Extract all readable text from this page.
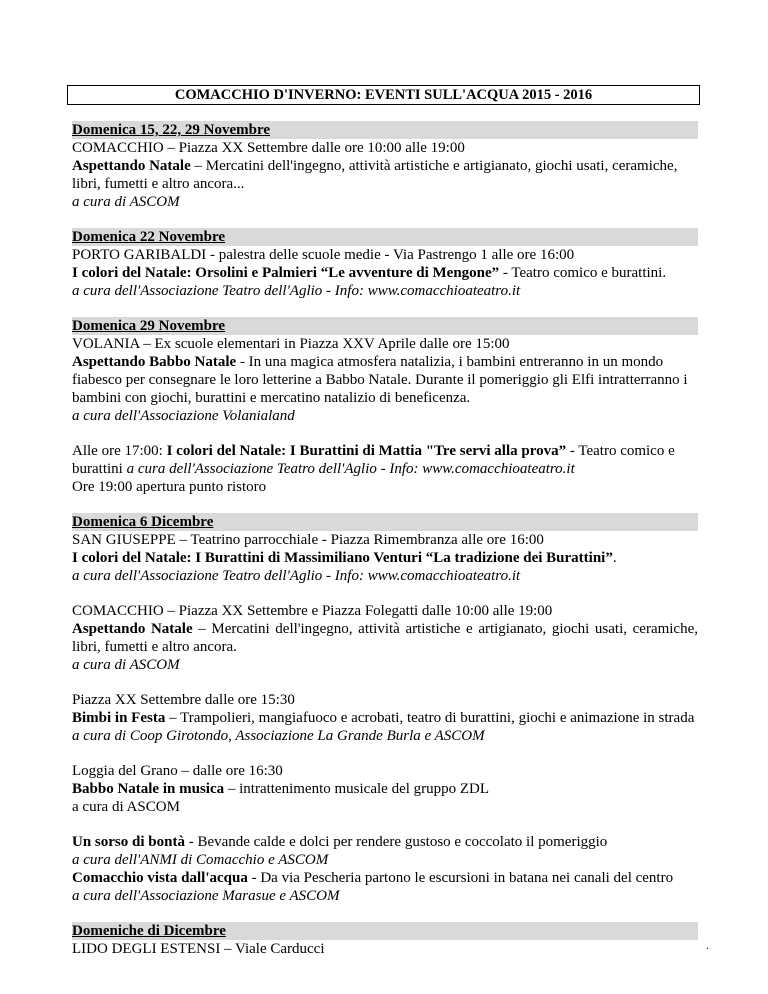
COMACCHIO D'INVERNO: EVENTI SULL'ACQUA 2015 - 2016
Domenica 15, 22, 29 Novembre
COMACCHIO – Piazza XX Settembre dalle ore 10:00 alle 19:00
Aspettando Natale – Mercatini dell'ingegno, attività artistiche e artigianato, giochi usati, ceramiche, libri, fumetti e altro ancora...
a cura di ASCOM
Domenica 22 Novembre
PORTO GARIBALDI - palestra delle scuole medie - Via Pastrengo 1 alle ore 16:00
I colori del Natale: Orsolini e Palmieri “Le avventure di Mengone” - Teatro comico e burattini.
a cura dell'Associazione Teatro dell'Aglio - Info: www.comacchioateatro.it
Domenica 29 Novembre
VOLANIA – Ex scuole elementari in Piazza XXV Aprile dalle ore 15:00
Aspettando Babbo Natale - In una magica atmosfera natalizia, i bambini entreranno in un mondo fiabesco per consegnare le loro letterine a Babbo Natale. Durante il pomeriggio gli Elfi intratterranno i bambini con giochi, burattini e mercatino natalizio di beneficenza.
a cura dell'Associazione Volanialand
Alle ore 17:00: I colori del Natale: I Burattini di Mattia "Tre servi alla prova” - Teatro comico e burattini a cura dell'Associazione Teatro dell'Aglio - Info: www.comacchioateatro.it
Ore 19:00 apertura punto ristoro
Domenica 6 Dicembre
SAN GIUSEPPE – Teatrino parrocchiale - Piazza Rimembranza alle ore 16:00
I colori del Natale: I Burattini di Massimiliano Venturi “La tradizione dei Burattini”.
a cura dell'Associazione Teatro dell'Aglio - Info: www.comacchioateatro.it
COMACCHIO – Piazza XX Settembre e Piazza Folegatti dalle 10:00 alle 19:00
Aspettando Natale – Mercatini dell'ingegno, attività artistiche e artigianato, giochi usati, ceramiche, libri, fumetti e altro ancora.
a cura di ASCOM
Piazza XX Settembre dalle ore 15:30
Bimbi in Festa – Trampolieri, mangiafuoco e acrobati, teatro di burattini, giochi e animazione in strada
a cura di Coop Girotondo, Associazione La Grande Burla e ASCOM
Loggia del Grano – dalle ore 16:30
Babbo Natale in musica – intrattenimento musicale del gruppo ZDL
a cura di ASCOM
Un sorso di bontà - Bevande calde e dolci per rendere gustoso e coccolato il pomeriggio
a cura dell'ANMI di Comacchio e ASCOM
Comacchio vista dall'acqua - Da via Pescheria partono le escursioni in batana nei canali del centro
a cura dell'Associazione Marasue e ASCOM
Domeniche di Dicembre
LIDO DEGLI ESTENSI – Viale Carducci	.
